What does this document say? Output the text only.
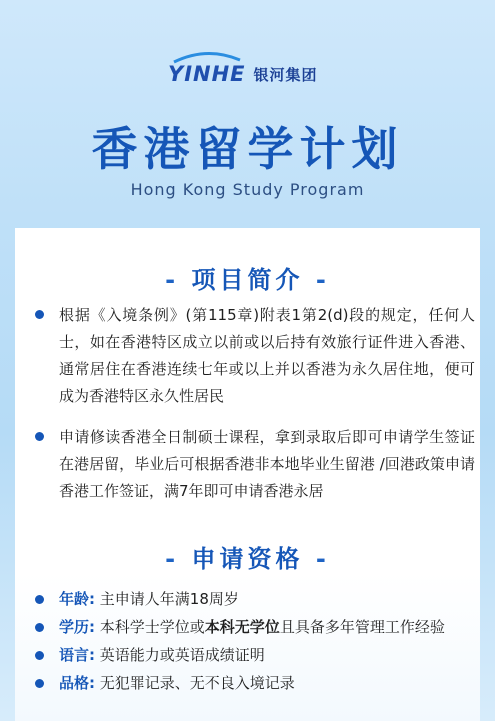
YINHE 银河集团
香港留学计划
Hong Kong Study Program
- 项目简介 -
根据《入境条例》(第115章)附表1第2(d)段的规定，任何人士，如在香港特区成立以前或以后持有效旅行证件进入香港、通常居住在香港连续七年或以上并以香港为永久居住地，便可成为香港特区永久性居民
申请修读香港全日制硕士课程，拿到录取后即可申请学生签证在港居留，毕业后可根据香港非本地毕业生留港 /回港政策申请香港工作签证，满7年即可申请香港永居
- 申请资格 -
年龄: 主申请人年满18周岁
学历: 本科学士学位或本科无学位且具备多年管理工作经验
语言: 英语能力或英语成绩证明
品格: 无犯罪记录、无不良入境记录
